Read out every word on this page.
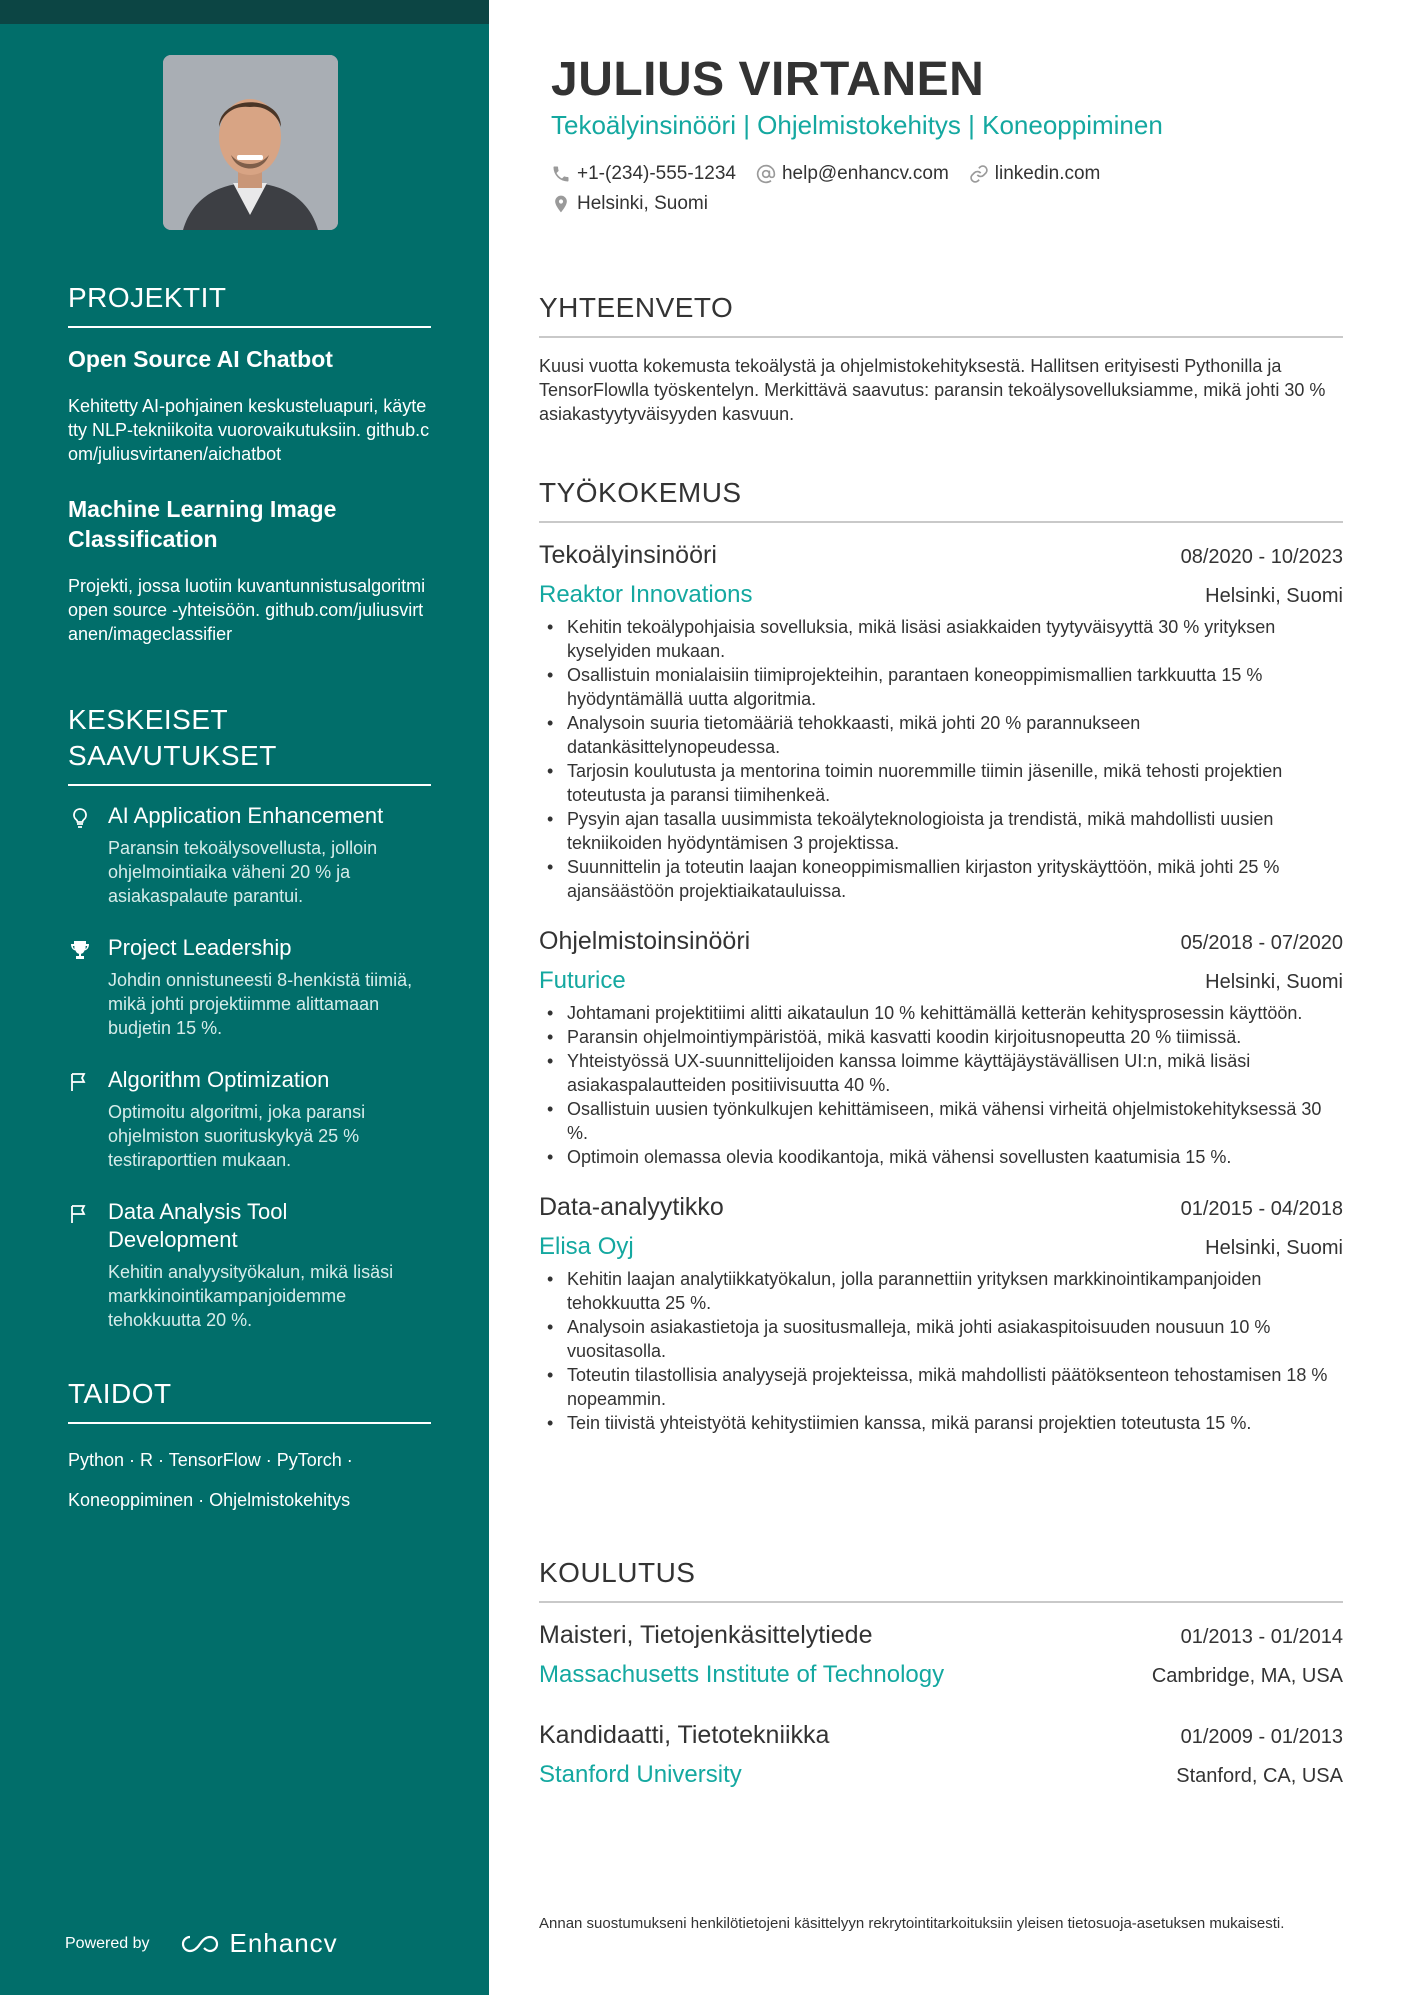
PROJEKTIT
Open Source AI Chatbot
Kehitetty AI-pohjainen keskusteluapuri, käytetty NLP-tekniikoita vuorovaikutuksiin. github.com/juliusvirtanen/aichatbot
Machine Learning Image Classification
Projekti, jossa luotiin kuvantunnistusalgoritmi open source -yhteisöön. github.com/juliusvirtanen/imageclassifier
KESKEISET SAAVUTUKSET
AI Application Enhancement
Paransin tekoälysovellusta, jolloin ohjelmointiaika väheni 20 % ja asiakaspalaute parantui.
Project Leadership
Johdin onnistuneesti 8-henkistä tiimiä, mikä johti projektiimme alittamaan budjetin 15 %.
Algorithm Optimization
Optimoitu algoritmi, joka paransi ohjelmiston suorituskykyä 25 % testiraporttien mukaan.
Data Analysis Tool Development
Kehitin analyysityökalun, mikä lisäsi markkinointikampanjoidemme tehokkuutta 20 %.
TAIDOT
Python · R · TensorFlow · PyTorch ·
Koneoppiminen · Ohjelmistokehitys
Powered by	Enhancv
JULIUS VIRTANEN
Tekoälyinsinööri | Ohjelmistokehitys | Koneoppiminen
+1-(234)-555-1234 help@enhancv.com linkedin.com
Helsinki, Suomi
YHTEENVETO
Kuusi vuotta kokemusta tekoälystä ja ohjelmistokehityksestä. Hallitsen erityisesti Pythonilla ja TensorFlowlla työskentelyn. Merkittävä saavutus: paransin tekoälysovelluksiamme, mikä johti 30 % asiakastyytyväisyyden kasvuun.
TYÖKOKEMUS
Tekoälyinsinööri	08/2020 - 10/2023
Reaktor Innovations	Helsinki, Suomi
• Kehitin tekoälypohjaisia sovelluksia, mikä lisäsi asiakkaiden tyytyväisyyttä 30 % yrityksen kyselyiden mukaan.
• Osallistuin monialaisiin tiimiprojekteihin, parantaen koneoppimismallien tarkkuutta 15 % hyödyntämällä uutta algoritmia.
• Analysoin suuria tietomääriä tehokkaasti, mikä johti 20 % parannukseen datankäsittelynopeudessa.
• Tarjosin koulutusta ja mentorina toimin nuoremmille tiimin jäsenille, mikä tehosti projektien toteutusta ja paransi tiimihenkeä.
• Pysyin ajan tasalla uusimmista tekoälyteknologioista ja trendistä, mikä mahdollisti uusien tekniikoiden hyödyntämisen 3 projektissa.
• Suunnittelin ja toteutin laajan koneoppimismallien kirjaston yrityskäyttöön, mikä johti 25 % ajansäästöön projektiaikatauluissa.
Ohjelmistoinsinööri	05/2018 - 07/2020
Futurice	Helsinki, Suomi
• Johtamani projektitiimi alitti aikataulun 10 % kehittämällä ketterän kehitysprosessin käyttöön.
• Paransin ohjelmointiympäristöä, mikä kasvatti koodin kirjoitusnopeutta 20 % tiimissä.
• Yhteistyössä UX-suunnittelijoiden kanssa loimme käyttäjäystävällisen UI:n, mikä lisäsi asiakaspalautteiden positiivisuutta 40 %.
• Osallistuin uusien työnkulkujen kehittämiseen, mikä vähensi virheitä ohjelmistokehityksessä 30 %.
• Optimoin olemassa olevia koodikantoja, mikä vähensi sovellusten kaatumisia 15 %.
Data-analyytikko	01/2015 - 04/2018
Elisa Oyj	Helsinki, Suomi
• Kehitin laajan analytiikkatyökalun, jolla parannettiin yrityksen markkinointikampanjoiden tehokkuutta 25 %.
• Analysoin asiakastietoja ja suositusmalleja, mikä johti asiakaspitoisuuden nousuun 10 % vuositasolla.
• Toteutin tilastollisia analyysejä projekteissa, mikä mahdollisti päätöksenteon tehostamisen 18 % nopeammin.
• Tein tiivistä yhteistyötä kehitystiimien kanssa, mikä paransi projektien toteutusta 15 %.
KOULUTUS
Maisteri, Tietojenkäsittelytiede	01/2013 - 01/2014
Massachusetts Institute of Technology	Cambridge, MA, USA
Kandidaatti, Tietotekniikka	01/2009 - 01/2013
Stanford University	Stanford, CA, USA
Annan suostumukseni henkilötietojeni käsittelyyn rekrytointitarkoituksiin yleisen tietosuoja-asetuksen mukaisesti.
